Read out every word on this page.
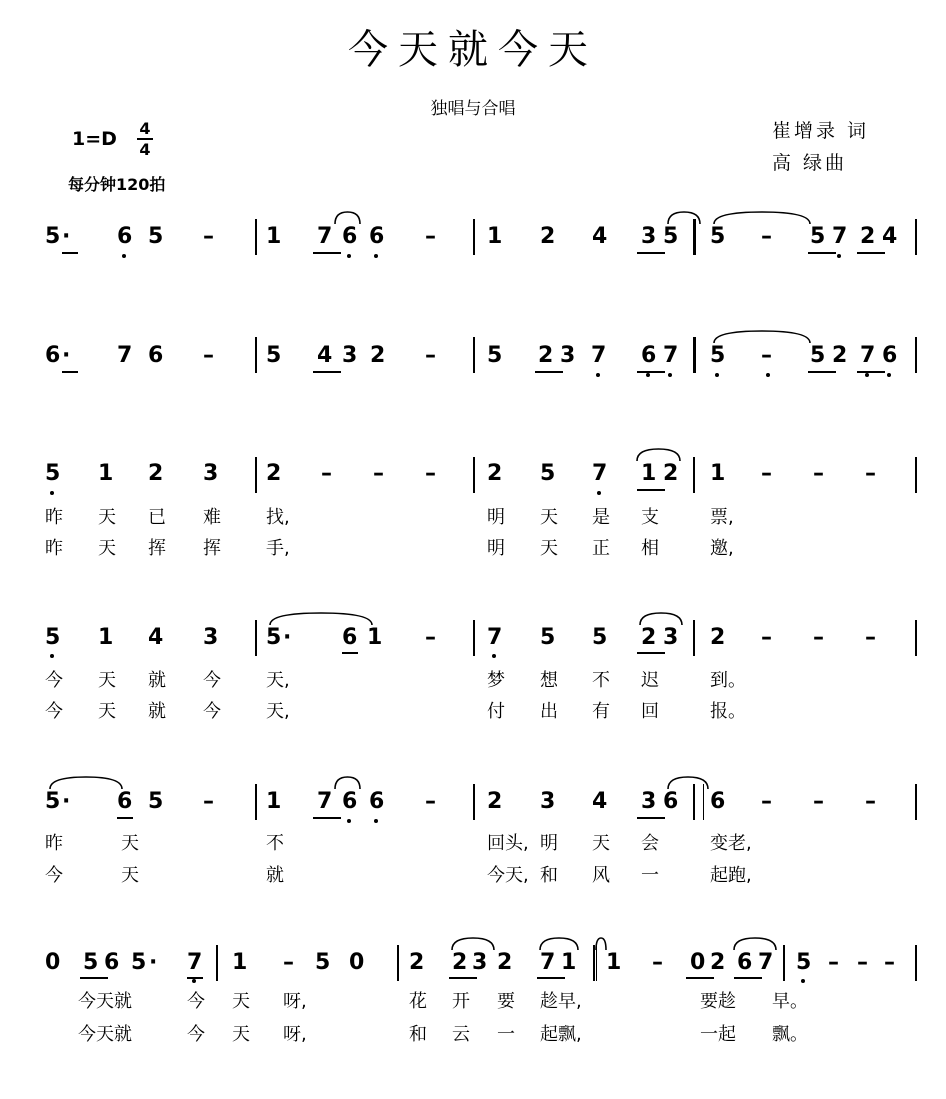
今天就今天
独唱与合唱
崔增录 词
高 绿曲
1=D 4
4
每分钟120拍
5 · 6 5 – 1 7 6 6 – 1 2 4 3 5 5 – 5 7 2 4
6 · 7 6 – 5 4 3 2 – 5 2 3 7 6 7 5 – 5 2 7 6
5 1 2 3 2 – – – 2 5 7 1 2 1 – – –
昨 天 已 难	找,	明 天 是 支	票,
昨 天 挥 挥	手,	明 天 正 相	邀,
5 1 4 3 5 · 6 1 – 7 5 5 2 3 2 – – –
今 天 就 今	天,	梦 想 不 迟	到。
今 天 就 今	天,	付 出 有 回	报。
5 · 6 5 – 1 7 6 6 – 2 3 4 3 6 6 – – –
昨	天	不	回头, 明 天 会	变老,
今	天	就	今天, 和 风 一	起跑,
0 5 6 5 · 7 1 – 5 0 2 2 3 2 7 1 1 – 0 2 6 7 5 – – –
今天就	今 天 呀,	花 开 要 趁早,	要趁 早。
今天就	今 天 呀,	和 云 一 起飘,	一起 飘。
